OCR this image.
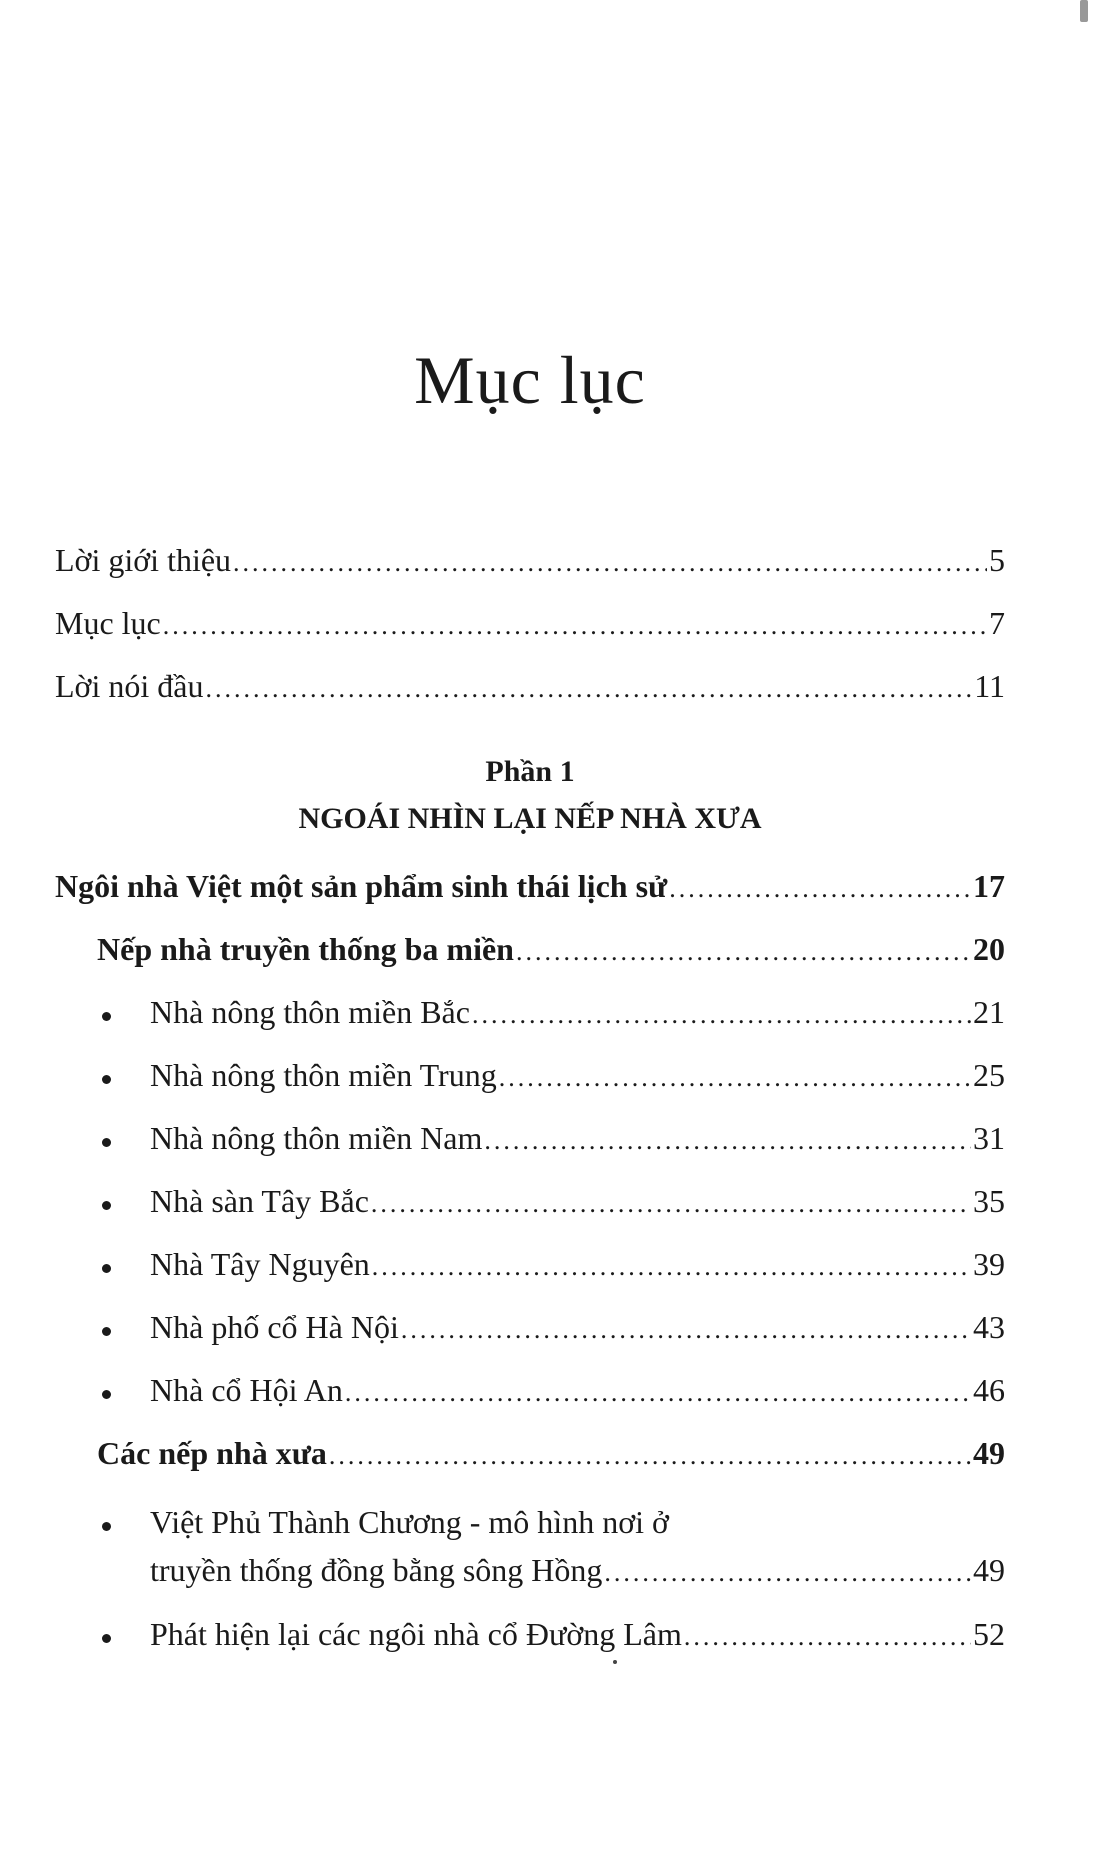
Mục lục
Lời giới thiệu .....	5
Mục lục .....	7
Lời nói đầu .....	11
Phần 1
NGOÁI NHÌN LẠI NẾP NHÀ XƯA
Ngôi nhà Việt một sản phẩm sinh thái lịch sử .....	17
Nếp nhà truyền thống ba miền .....	20
Nhà nông thôn miền Bắc .....	21
Nhà nông thôn miền Trung .....	25
Nhà nông thôn miền Nam .....	31
Nhà sàn Tây Bắc .....	35
Nhà Tây Nguyên .....	39
Nhà phố cổ Hà Nội .....	43
Nhà cổ Hội An .....	46
Các nếp nhà xưa .....	49
Việt Phủ Thành Chương - mô hình nơi ở
truyền thống đồng bằng sông Hồng .....	49
Phát hiện lại các ngôi nhà cổ Đường Lâm .....	52
